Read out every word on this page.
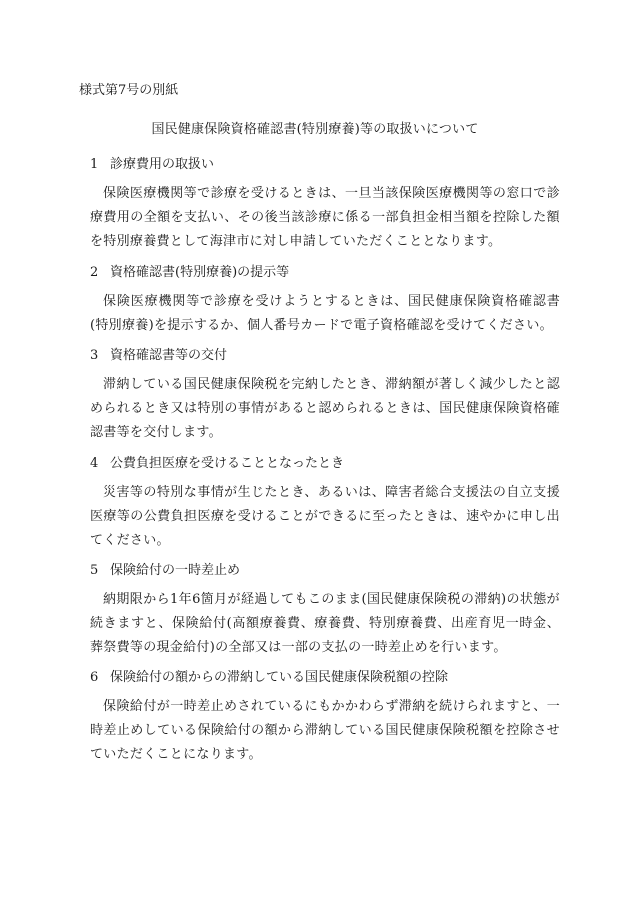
様式第7号の別紙
国民健康保険資格確認書(特別療養)等の取扱いについて
1 診療費用の取扱い
保険医療機関等で診療を受けるときは、一旦当該保険医療機関等の窓口で診療費用の全額を支払い、その後当該診療に係る一部負担金相当額を控除した額を特別療養費として海津市に対し申請していただくこととなります。
2 資格確認書(特別療養)の提示等
保険医療機関等で診療を受けようとするときは、国民健康保険資格確認書(特別療養)を提示するか、個人番号カードで電子資格確認を受けてください。
3 資格確認書等の交付
滞納している国民健康保険税を完納したとき、滞納額が著しく減少したと認められるとき又は特別の事情があると認められるときは、国民健康保険資格確認書等を交付します。
4 公費負担医療を受けることとなったとき
災害等の特別な事情が生じたとき、あるいは、障害者総合支援法の自立支援医療等の公費負担医療を受けることができるに至ったときは、速やかに申し出てください。
5 保険給付の一時差止め
納期限から1年6箇月が経過してもこのまま(国民健康保険税の滞納)の状態が続きますと、保険給付(高額療養費、療養費、特別療養費、出産育児一時金、葬祭費等の現金給付)の全部又は一部の支払の一時差止めを行います。
6 保険給付の額からの滞納している国民健康保険税額の控除
保険給付が一時差止めされているにもかかわらず滞納を続けられますと、一時差止めしている保険給付の額から滞納している国民健康保険税額を控除させていただくことになります。
